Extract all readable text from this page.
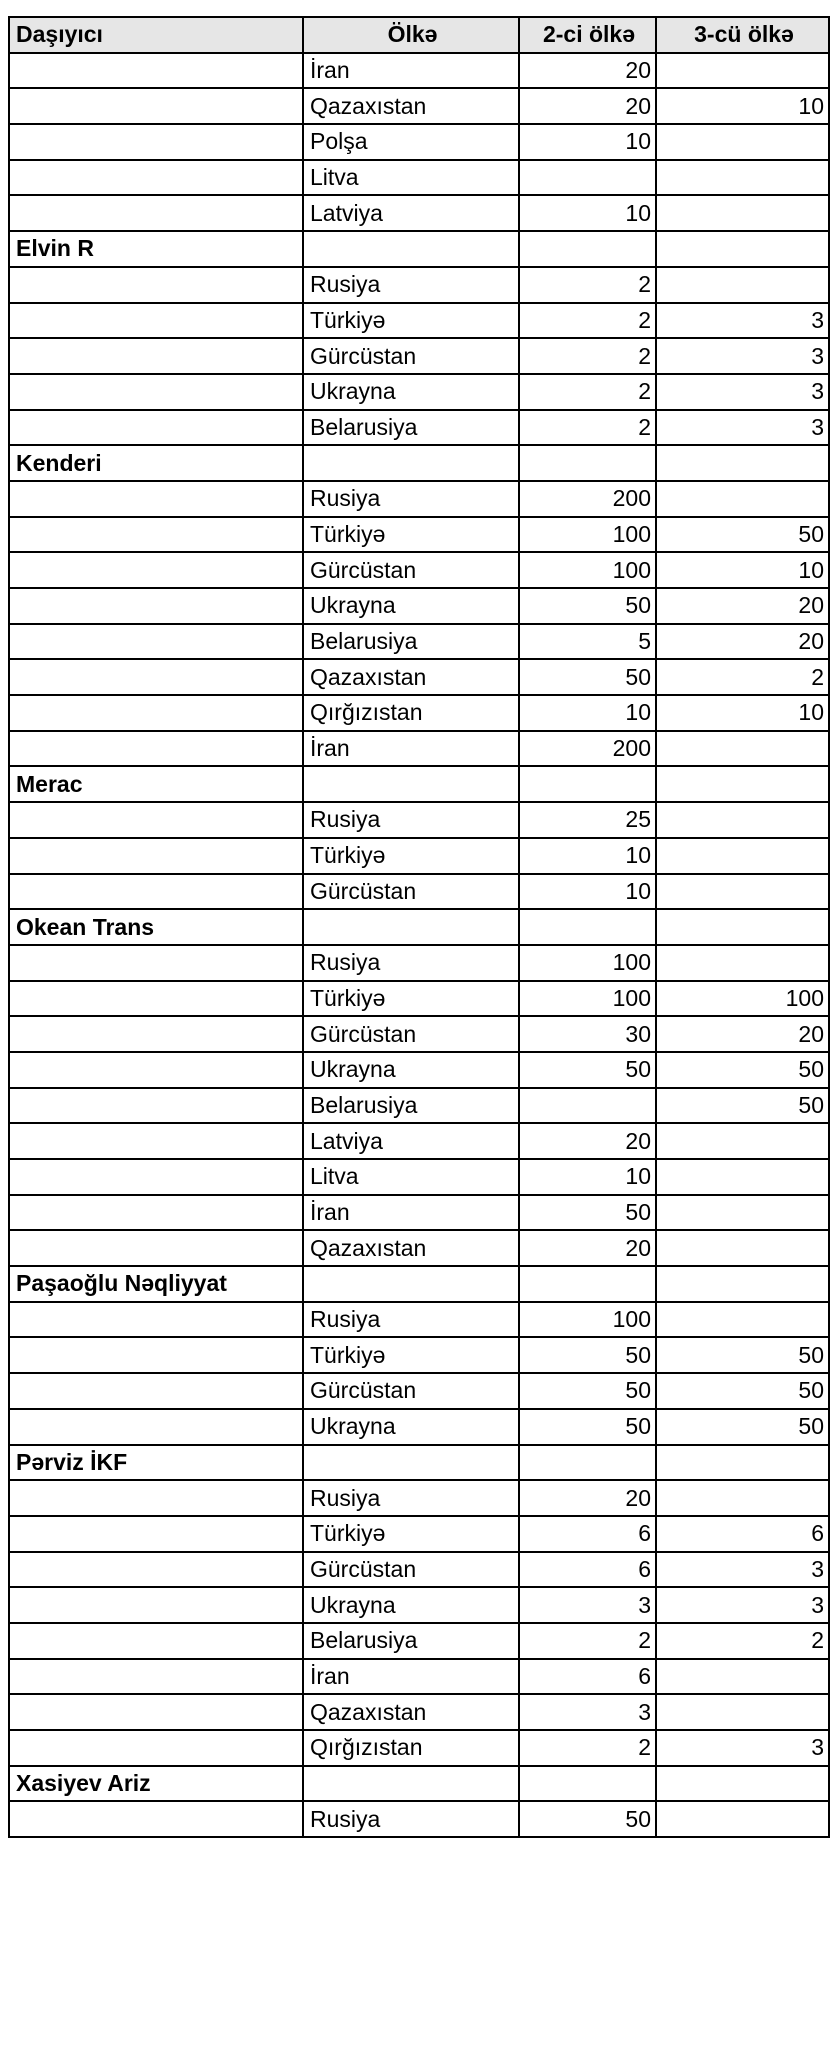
Daşıyıcı	Ölkə	2-ci ölkə	3-cü ölkə
	İran	20	
	Qazaxıstan	20	10
	Polşa	10	
	Litva		
	Latviya	10	
Elvin R			
	Rusiya	2	
	Türkiyə	2	3
	Gürcüstan	2	3
	Ukrayna	2	3
	Belarusiya	2	3
Kenderi			
	Rusiya	200	
	Türkiyə	100	50
	Gürcüstan	100	10
	Ukrayna	50	20
	Belarusiya	5	20
	Qazaxıstan	50	2
	Qırğızıstan	10	10
	İran	200	
Merac			
	Rusiya	25	
	Türkiyə	10	
	Gürcüstan	10	
Okean Trans			
	Rusiya	100	
	Türkiyə	100	100
	Gürcüstan	30	20
	Ukrayna	50	50
	Belarusiya		50
	Latviya	20	
	Litva	10	
	İran	50	
	Qazaxıstan	20	
Paşaoğlu Nəqliyyat			
	Rusiya	100	
	Türkiyə	50	50
	Gürcüstan	50	50
	Ukrayna	50	50
Pərviz İKF			
	Rusiya	20	
	Türkiyə	6	6
	Gürcüstan	6	3
	Ukrayna	3	3
	Belarusiya	2	2
	İran	6	
	Qazaxıstan	3	
	Qırğızıstan	2	3
Xasiyev Ariz			
	Rusiya	50	
